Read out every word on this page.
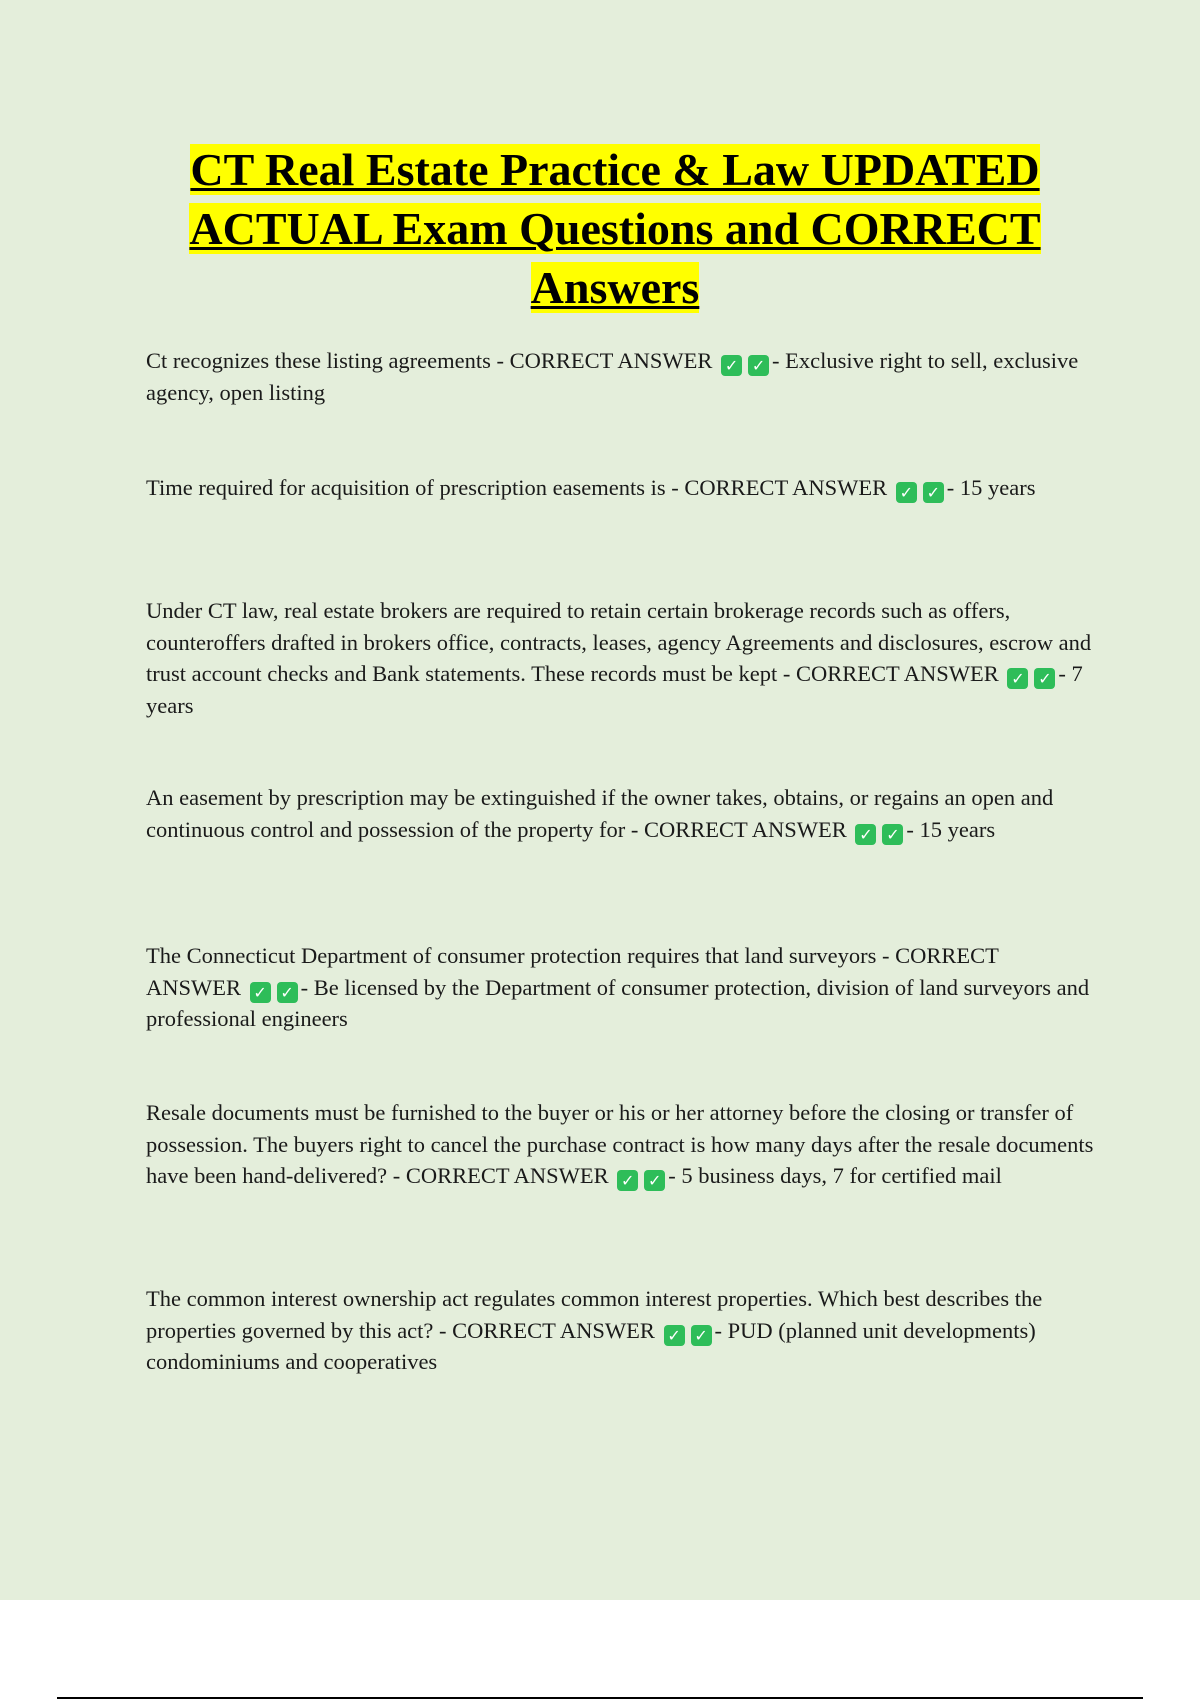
CT Real Estate Practice & Law UPDATED ACTUAL Exam Questions and CORRECT Answers

Ct recognizes these listing agreements - CORRECT ANSWER ✓ ✓ - Exclusive right to sell, exclusive agency, open listing

Time required for acquisition of prescription easements is - CORRECT ANSWER ✓ ✓ - 15 years

Under CT law, real estate brokers are required to retain certain brokerage records such as offers, counteroffers drafted in brokers office, contracts, leases, agency Agreements and disclosures, escrow and trust account checks and Bank statements. These records must be kept - CORRECT ANSWER ✓ ✓ - 7 years

An easement by prescription may be extinguished if the owner takes, obtains, or regains an open and continuous control and possession of the property for - CORRECT ANSWER ✓ ✓ - 15 years

The Connecticut Department of consumer protection requires that land surveyors - CORRECT ANSWER ✓ ✓ - Be licensed by the Department of consumer protection, division of land surveyors and professional engineers

Resale documents must be furnished to the buyer or his or her attorney before the closing or transfer of possession. The buyers right to cancel the purchase contract is how many days after the resale documents have been hand-delivered? - CORRECT ANSWER ✓ ✓ - 5 business days, 7 for certified mail

The common interest ownership act regulates common interest properties. Which best describes the properties governed by this act? - CORRECT ANSWER ✓ ✓ - PUD (planned unit developments) condominiums and cooperatives
